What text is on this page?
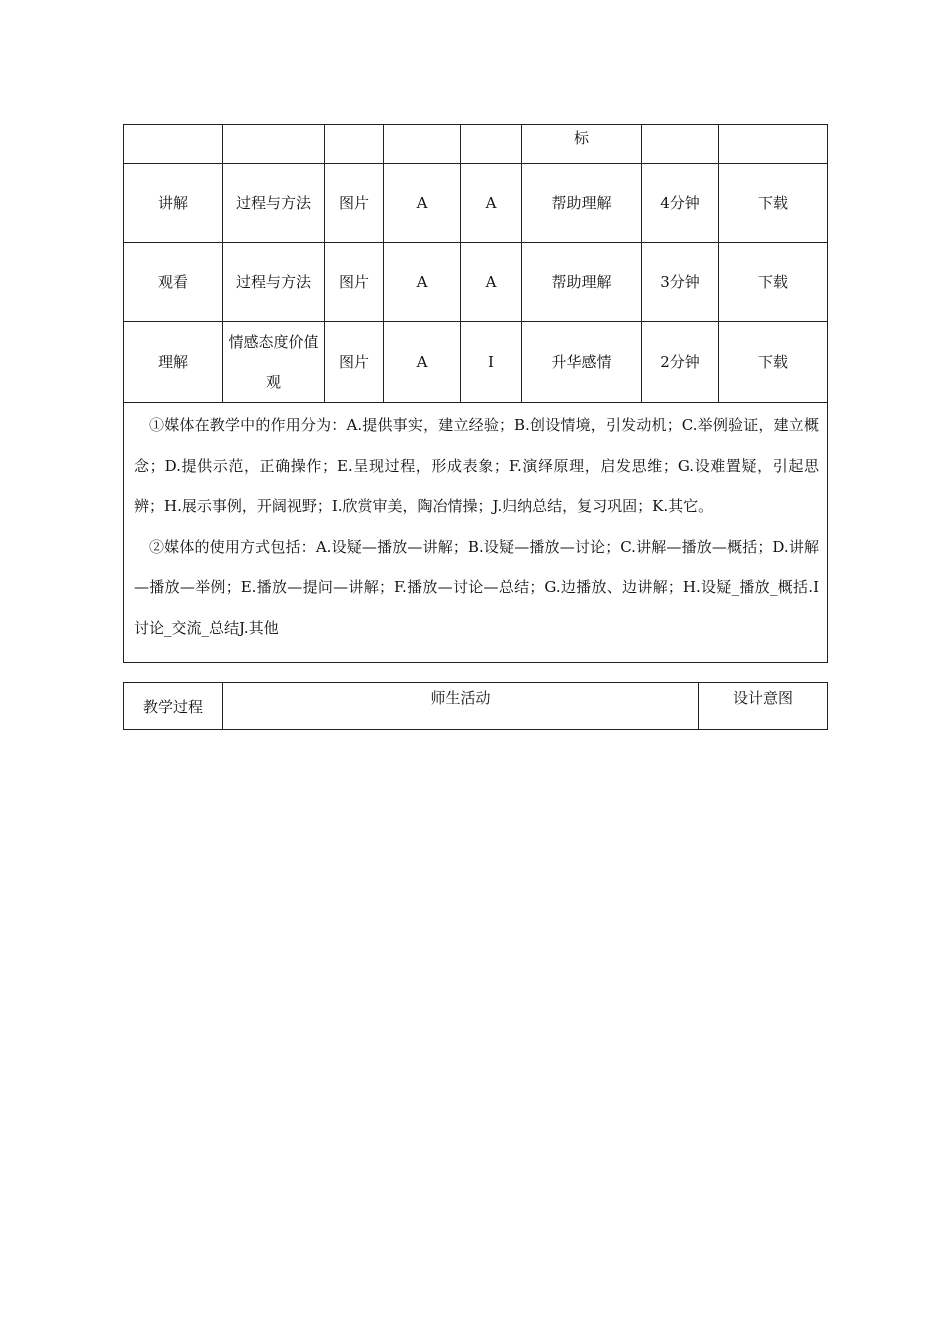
					标		
讲解	过程与方法	图片	A	A	帮助理解	4分钟	下载
观看	过程与方法	图片	A	A	帮助理解	3分钟	下载
理解	情感态度价值观	图片	A	I	升华感情	2分钟	下载

①媒体在教学中的作用分为：A.提供事实，建立经验；B.创设情境，引发动机；C.举例验证，建立概念；D.提供示范，正确操作；E.呈现过程，形成表象；F.演绎原理，启发思维；G.设难置疑，引起思辨；H.展示事例，开阔视野；I.欣赏审美，陶冶情操；J.归纳总结，复习巩固；K.其它。

②媒体的使用方式包括：A.设疑—播放—讲解；B.设疑—播放—讨论；C.讲解—播放—概括；D.讲解—播放—举例；E.播放—提问—讲解；F.播放—讨论—总结；G.边播放、边讲解；H.设疑_播放_概括.I讨论_交流_总结J.其他							

教学过程	师生活动	设计意图
